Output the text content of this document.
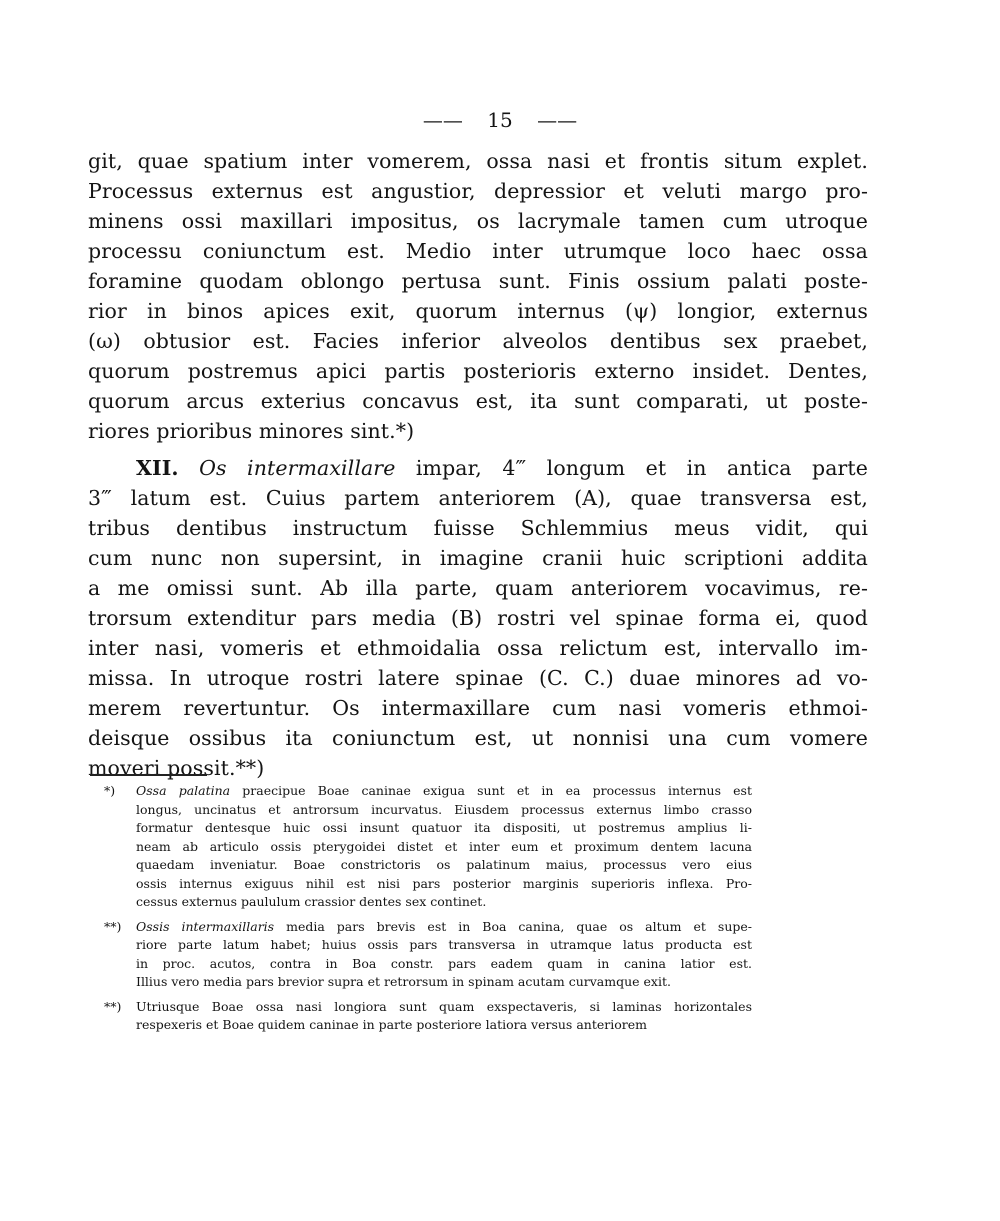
—— 15 ——
git, quae spatium inter vomerem, ossa nasi et frontis situm explet.
Processus externus est angustior, depressior et veluti margo pro-
minens ossi maxillari impositus, os lacrymale tamen cum utroque
processu coniunctum est. Medio inter utrumque loco haec ossa
foramine quodam oblongo pertusa sunt. Finis ossium palati poste-
rior in binos apices exit, quorum internus (ψ) longior, externus
(ω) obtusior est. Facies inferior alveolos dentibus sex praebet,
quorum postremus apici partis posterioris externo insidet. Dentes,
quorum arcus exterius concavus est, ita sunt comparati, ut poste-
riores prioribus minores sint.*)
XII. Os intermaxillare impar, 4‴ longum et in antica parte
3‴ latum est. Cuius partem anteriorem (A), quae transversa est,
tribus dentibus instructum fuisse Schlemmius meus vidit, qui
cum nunc non supersint, in imagine cranii huic scriptioni addita
a me omissi sunt. Ab illa parte, quam anteriorem vocavimus, re-
trorsum extenditur pars media (B) rostri vel spinae forma ei, quod
inter nasi, vomeris et ethmoidalia ossa relictum est, intervallo im-
missa. In utroque rostri latere spinae (C. C.) duae minores ad vo-
merem revertuntur. Os intermaxillare cum nasi vomeris ethmoi-
deisque ossibus ita coniunctum est, ut nonnisi una cum vomere
moveri possit.**)
*) Ossa palatina praecipue Boae caninae exigua sunt et in ea processus internus est
longus, uncinatus et antrorsum incurvatus. Eiusdem processus externus limbo crasso
formatur dentesque huic ossi insunt quatuor ita dispositi, ut postremus amplius li-
neam ab articulo ossis pterygoidei distet et inter eum et proximum dentem lacuna
quaedam inveniatur. Boae constrictoris os palatinum maius, processus vero eius
ossis internus exiguus nihil est nisi pars posterior marginis superioris inflexa. Pro-
cessus externus paululum crassior dentes sex continet.
**) Ossis intermaxillaris media pars brevis est in Boa canina, quae os altum et supe-
riore parte latum habet; huius ossis pars transversa in utramque latus producta est
in proc. acutos, contra in Boa constr. pars eadem quam in canina latior est.
Illius vero media pars brevior supra et retrorsum in spinam acutam curvamque exit.
**) Utriusque Boae ossa nasi longiora sunt quam exspectaveris, si laminas horizontales
respexeris et Boae quidem caninae in parte posteriore latiora versus anteriorem
